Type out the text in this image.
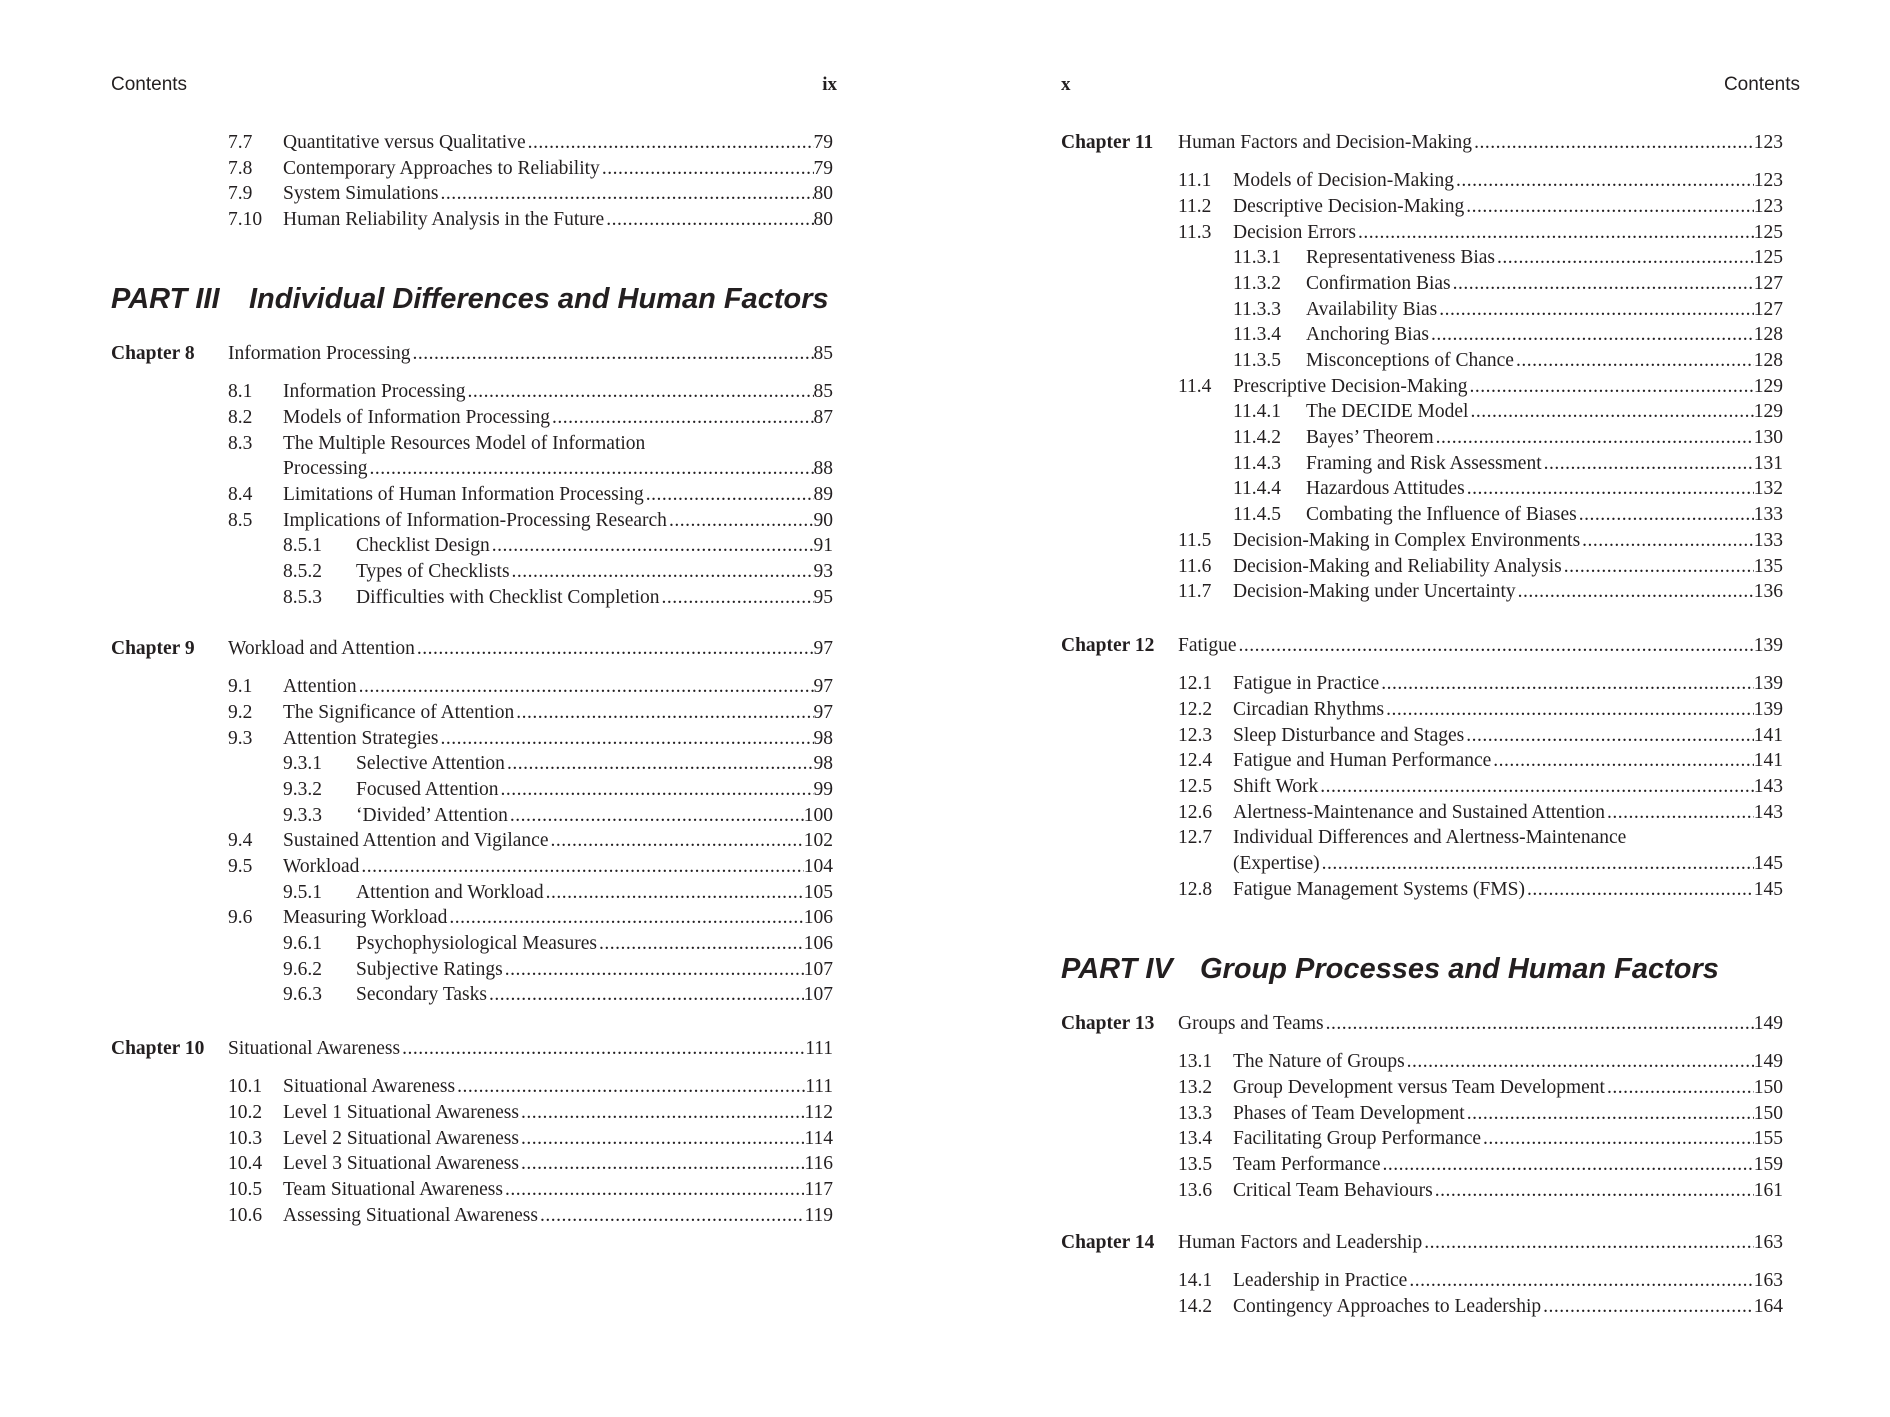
Contents	ix
7.7 Quantitative versus Qualitative .....	79
7.8 Contemporary Approaches to Reliability .....	79
7.9 System Simulations .....	80
7.10 Human Reliability Analysis in the Future .....	80
PART III Individual Differences and Human Factors
Chapter 8 Information Processing .....	85
8.1 Information Processing .....	85
8.2 Models of Information Processing .....	87
8.3 The Multiple Resources Model of Information
Processing .....	88
8.4 Limitations of Human Information Processing .....	89
8.5 Implications of Information-Processing Research .....	90
8.5.1 Checklist Design .....	91
8.5.2 Types of Checklists .....	93
8.5.3 Difficulties with Checklist Completion .....	95
Chapter 9 Workload and Attention .....	97
9.1 Attention .....	97
9.2 The Significance of Attention .....	97
9.3 Attention Strategies .....	98
9.3.1 Selective Attention .....	98
9.3.2 Focused Attention .....	99
9.3.3 ‘Divided’ Attention .....	100
9.4 Sustained Attention and Vigilance .....	102
9.5 Workload .....	104
9.5.1 Attention and Workload .....	105
9.6 Measuring Workload .....	106
9.6.1 Psychophysiological Measures .....	106
9.6.2 Subjective Ratings .....	107
9.6.3 Secondary Tasks .....	107
Chapter 10 Situational Awareness .....	111
10.1 Situational Awareness .....	111
10.2 Level 1 Situational Awareness .....	112
10.3 Level 2 Situational Awareness .....	114
10.4 Level 3 Situational Awareness .....	116
10.5 Team Situational Awareness .....	117
10.6 Assessing Situational Awareness .....	119
x	Contents
Chapter 11 Human Factors and Decision-Making .....	123
11.1 Models of Decision-Making .....	123
11.2 Descriptive Decision-Making .....	123
11.3 Decision Errors .....	125
11.3.1 Representativeness Bias .....	125
11.3.2 Confirmation Bias .....	127
11.3.3 Availability Bias .....	127
11.3.4 Anchoring Bias .....	128
11.3.5 Misconceptions of Chance .....	128
11.4 Prescriptive Decision-Making .....	129
11.4.1 The DECIDE Model .....	129
11.4.2 Bayes’ Theorem .....	130
11.4.3 Framing and Risk Assessment .....	131
11.4.4 Hazardous Attitudes .....	132
11.4.5 Combating the Influence of Biases .....	133
11.5 Decision-Making in Complex Environments .....	133
11.6 Decision-Making and Reliability Analysis .....	135
11.7 Decision-Making under Uncertainty .....	136
Chapter 12 Fatigue .....	139
12.1 Fatigue in Practice .....	139
12.2 Circadian Rhythms .....	139
12.3 Sleep Disturbance and Stages .....	141
12.4 Fatigue and Human Performance .....	141
12.5 Shift Work .....	143
12.6 Alertness-Maintenance and Sustained Attention .....	143
12.7 Individual Differences and Alertness-Maintenance
(Expertise) .....	145
12.8 Fatigue Management Systems (FMS) .....	145
PART IV Group Processes and Human Factors
Chapter 13 Groups and Teams .....	149
13.1 The Nature of Groups .....	149
13.2 Group Development versus Team Development .....	150
13.3 Phases of Team Development .....	150
13.4 Facilitating Group Performance .....	155
13.5 Team Performance .....	159
13.6 Critical Team Behaviours .....	161
Chapter 14 Human Factors and Leadership .....	163
14.1 Leadership in Practice .....	163
14.2 Contingency Approaches to Leadership .....	164
